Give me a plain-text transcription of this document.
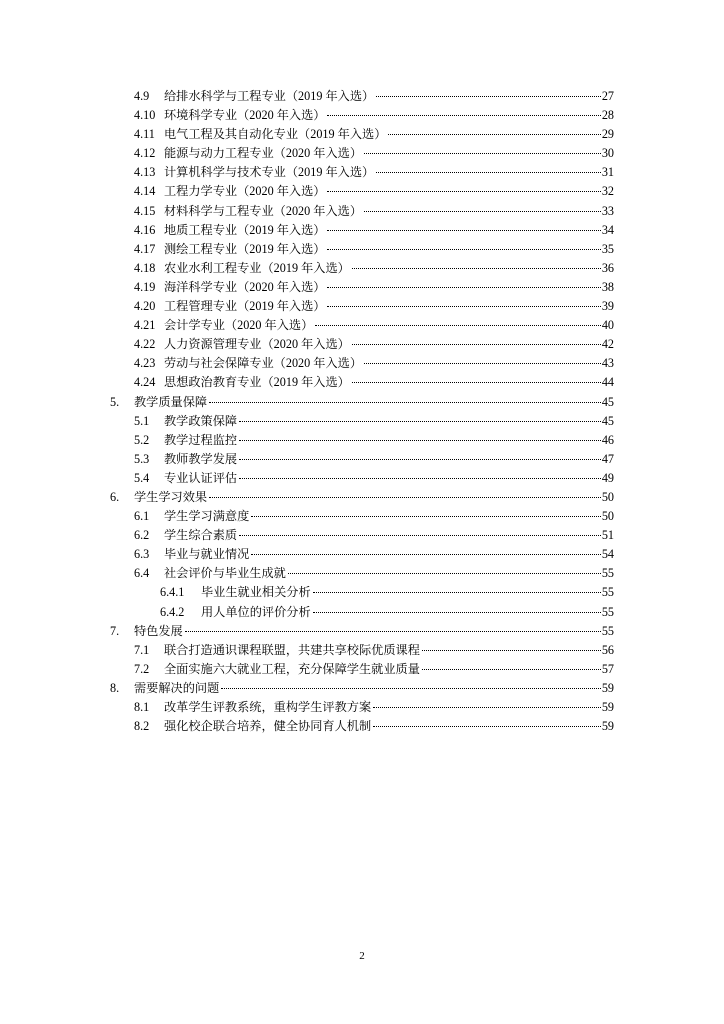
4.9	给排水科学与工程专业（2019 年入选）	27
4.10 环境科学专业（2020 年入选）	28
4.11 电气工程及其自动化专业（2019 年入选）	29
4.12 能源与动力工程专业（2020 年入选）	30
4.13 计算机科学与技术专业（2019 年入选）	31
4.14 工程力学专业（2020 年入选）	32
4.15 材料科学与工程专业（2020 年入选）	33
4.16 地质工程专业（2019 年入选）	34
4.17 测绘工程专业（2019 年入选）	35
4.18 农业水利工程专业（2019 年入选）	36
4.19 海洋科学专业（2020 年入选）	38
4.20 工程管理专业（2019 年入选）	39
4.21 会计学专业（2020 年入选）	40
4.22 人力资源管理专业（2020 年入选）	42
4.23 劳动与社会保障专业（2020 年入选）	43
4.24 思想政治教育专业（2019 年入选）	44
5.	教学质量保障	45
5.1	教学政策保障	45
5.2	教学过程监控	46
5.3	教师教学发展	47
5.4	专业认证评估	49
6.	学生学习效果	50
6.1	学生学习满意度	50
6.2	学生综合素质	51
6.3	毕业与就业情况	54
6.4	社会评价与毕业生成就	55
6.4.1	毕业生就业相关分析	55
6.4.2	用人单位的评价分析	55
7.	特色发展	55
7.1	联合打造通识课程联盟，共建共享校际优质课程	56
7.2	全面实施六大就业工程，充分保障学生就业质量	57
8.	需要解决的问题	59
8.1	改革学生评教系统，重构学生评教方案	59
8.2	强化校企联合培养，健全协同育人机制	59
2
